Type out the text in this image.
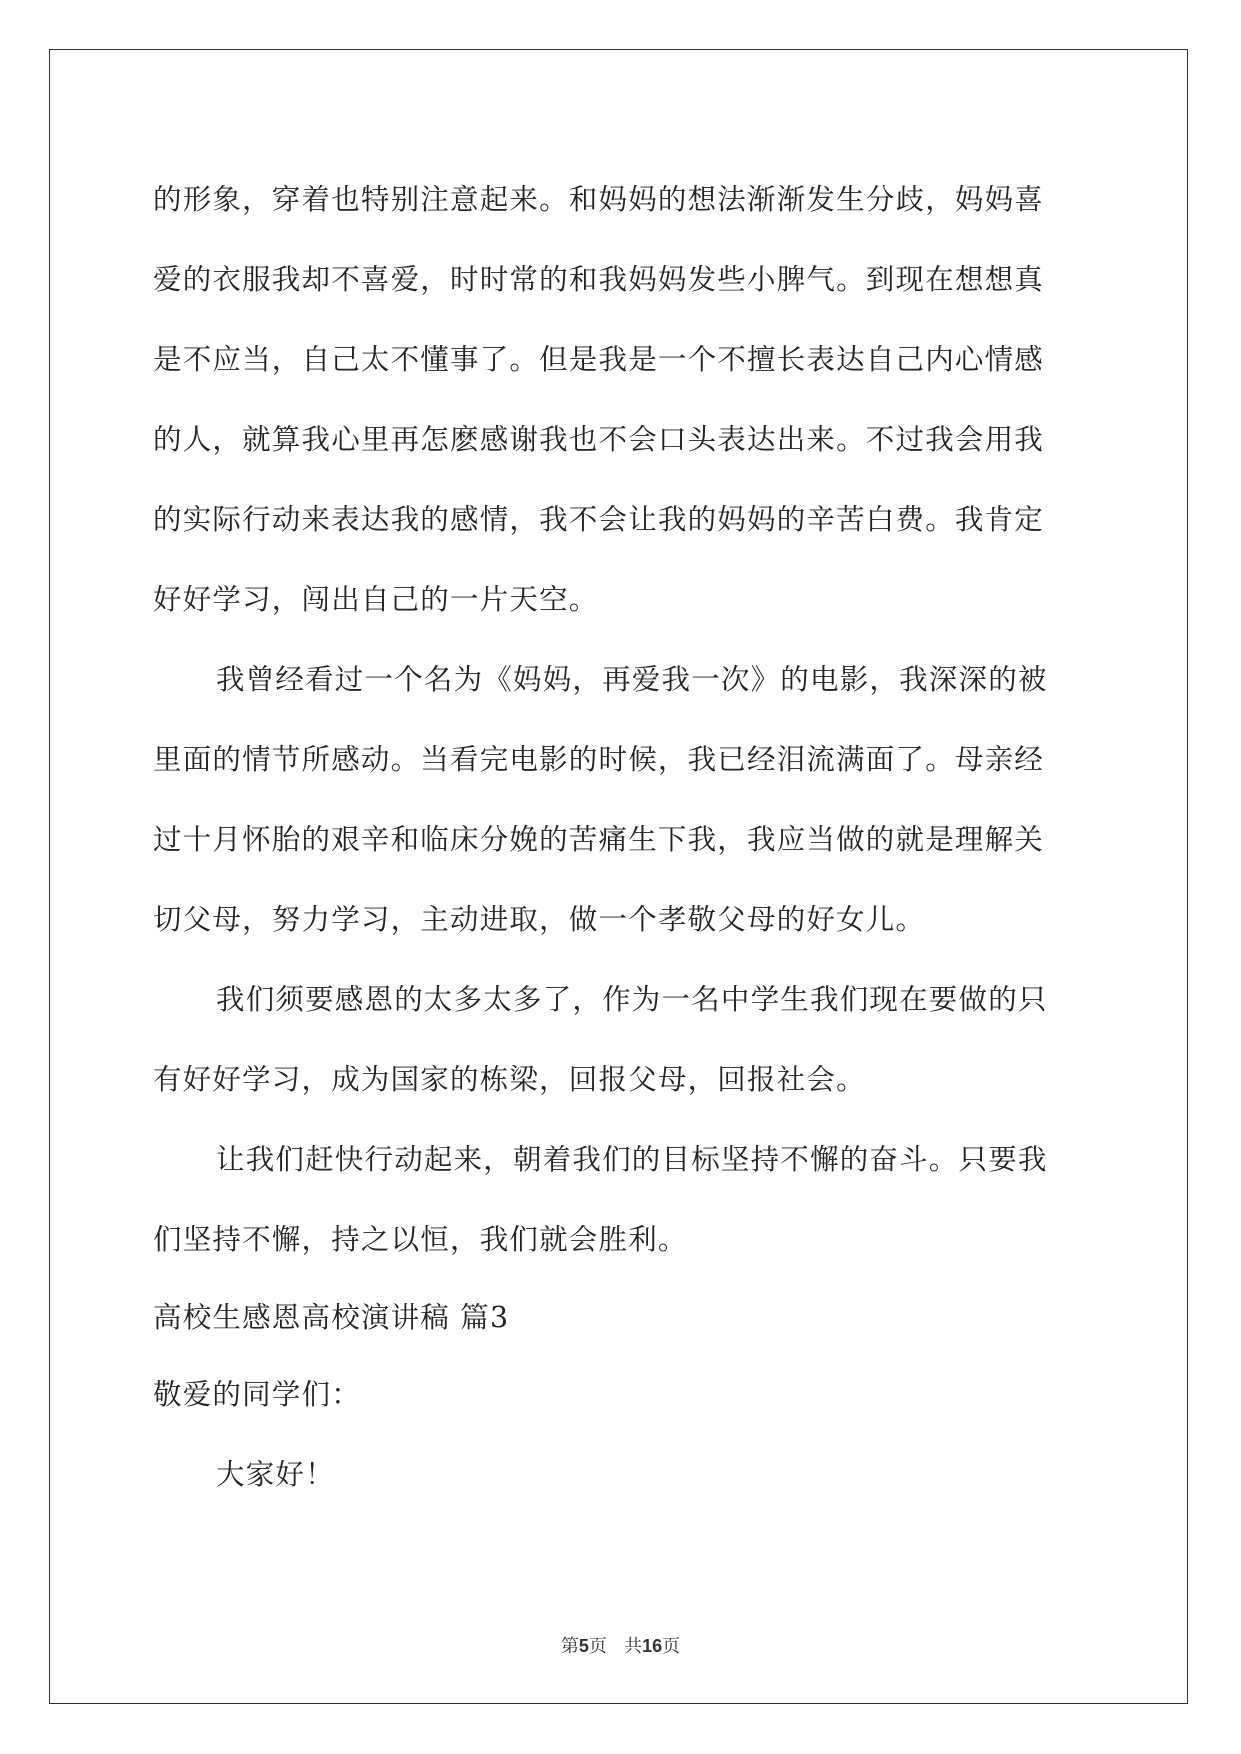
的形象，穿着也特别注意起来。和妈妈的想法渐渐发生分歧，妈妈喜
爱的衣服我却不喜爱，时时常的和我妈妈发些小脾气。到现在想想真
是不应当，自己太不懂事了。但是我是一个不擅长表达自己内心情感
的人，就算我心里再怎麽感谢我也不会口头表达出来。不过我会用我
的实际行动来表达我的感情，我不会让我的妈妈的辛苦白费。我肯定
好好学习，闯出自己的一片天空。
我曾经看过一个名为《妈妈，再爱我一次》的电影，我深深的被
里面的情节所感动。当看完电影的时候，我已经泪流满面了。母亲经
过十月怀胎的艰辛和临床分娩的苦痛生下我，我应当做的就是理解关
切父母，努力学习，主动进取，做一个孝敬父母的好女儿。
我们须要感恩的太多太多了，作为一名中学生我们现在要做的只
有好好学习，成为国家的栋梁，回报父母，回报社会。
让我们赶快行动起来，朝着我们的目标坚持不懈的奋斗。只要我
们坚持不懈，持之以恒，我们就会胜利。
高校生感恩高校演讲稿 篇3
敬爱的同学们：
大家好！
第5页 共16页
